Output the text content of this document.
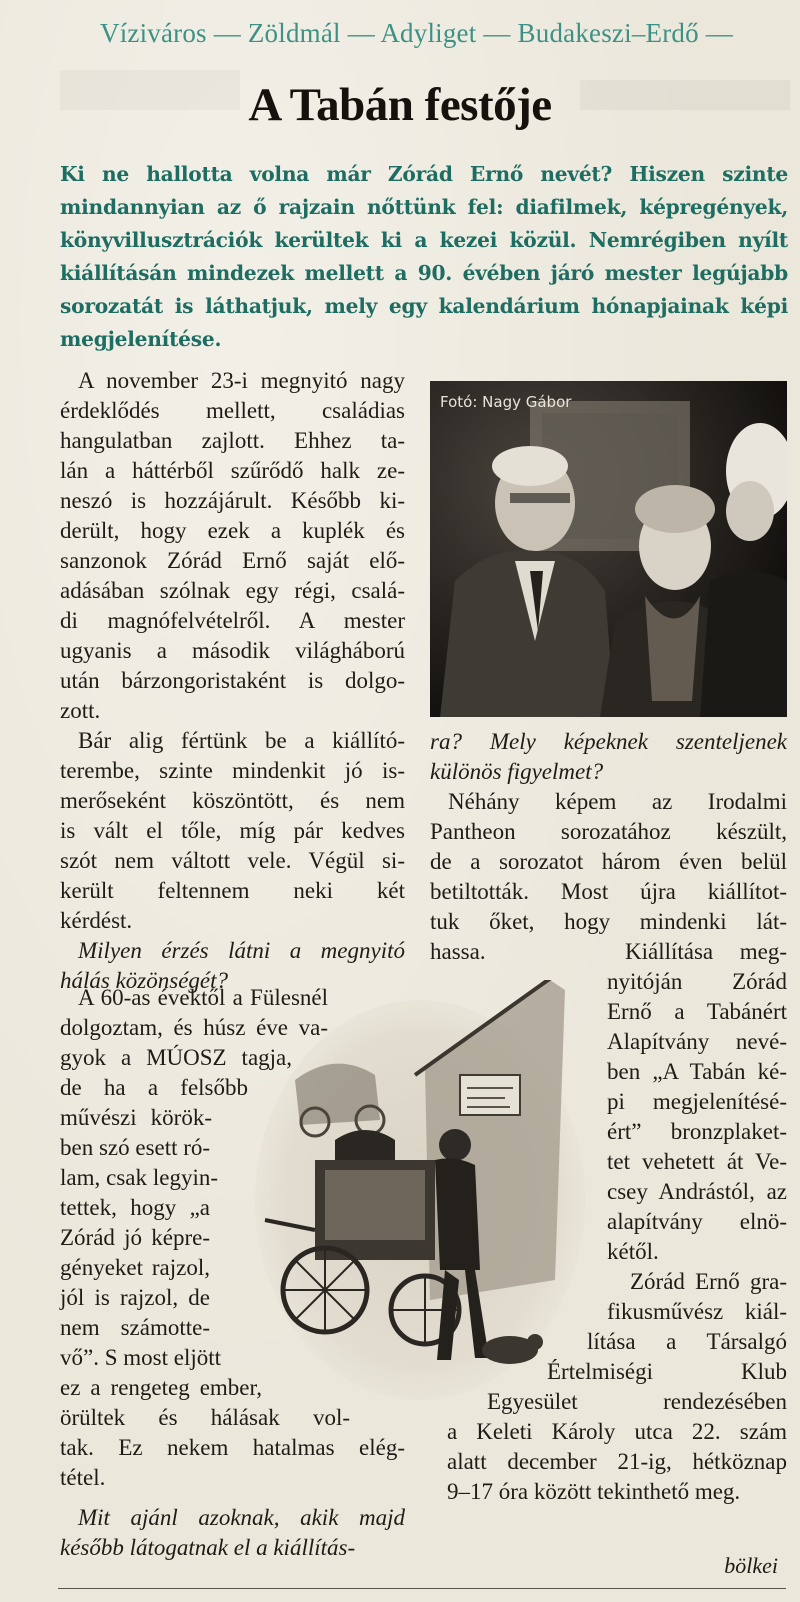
Víziváros — Zöldmál — Adyliget — Budakeszi–Erdő —
A Tabán festője
Ki ne hallotta volna már Zórád Ernő nevét? Hiszen szinte mindannyian az ő rajzain nőttünk fel: diafilmek, képregények, könyvillusztrációk kerültek ki a kezei közül. Nemrégiben nyílt kiállításán mindezek mellett a 90. évében járó mester legújabb sorozatát is láthatjuk, mely egy kalendárium hónapjainak képi megjelenítése.
A november 23-i megnyitó nagy
érdeklődés mellett, családias
hangulatban zajlott. Ehhez ta-
lán a háttérből szűrődő halk ze-
neszó is hozzájárult. Később ki-
derült, hogy ezek a kuplék és
sanzonok Zórád Ernő saját elő-
adásában szólnak egy régi, csalá-
di magnófelvételről. A mester
ugyanis a második világháború
után bárzongoristaként is dolgo-
zott.
Bár alig fértünk be a kiállító-
terembe, szinte mindenkit jó is-
merőseként köszöntött, és nem
is vált el tőle, míg pár kedves
szót nem váltott vele. Végül si-
került feltennem neki két
kérdést.
Milyen érzés látni a megnyitó
hálás közönségét?
A 60-as évektől a Fülesnél
dolgoztam, és húsz éve va-
gyok a MÚOSZ tagja,
de ha a felsőbb
művészi körök-
ben szó esett ró-
lam, csak legyin-
tettek, hogy „a
Zórád jó képre-
gényeket rajzol,
jól is rajzol, de
nem számotte-
vő”. S most eljött
ez a rengeteg ember,
örültek és hálásak vol-
tak. Ez nekem hatalmas elég-
tétel.
Mit ajánl azoknak, akik majd
később látogatnak el a kiállítás-
Fotó: Nagy Gábor
ra? Mely képeknek szenteljenek
különös figyelmet?
Néhány képem az Irodalmi
Pantheon sorozatához készült,
de a sorozatot három éven belül
betiltották. Most újra kiállítot-
tuk őket, hogy mindenki lát-
hassa.	Kiállítása meg-
nyitóján Zórád
Ernő a Tabánért
Alapítvány nevé-
ben „A Tabán ké-
pi megjelenítésé-
ért” bronzplaket-
tet vehetett át Ve-
csey Andrástól, az
alapítvány elnö-
kétől.
Zórád Ernő gra-
fikusművész kiál-
lítása a Társalgó
Értelmiségi Klub
Egyesület rendezésében
a Keleti Károly utca 22. szám
alatt december 21-ig, hétköznap
9–17 óra között tekinthető meg.
bölkei
